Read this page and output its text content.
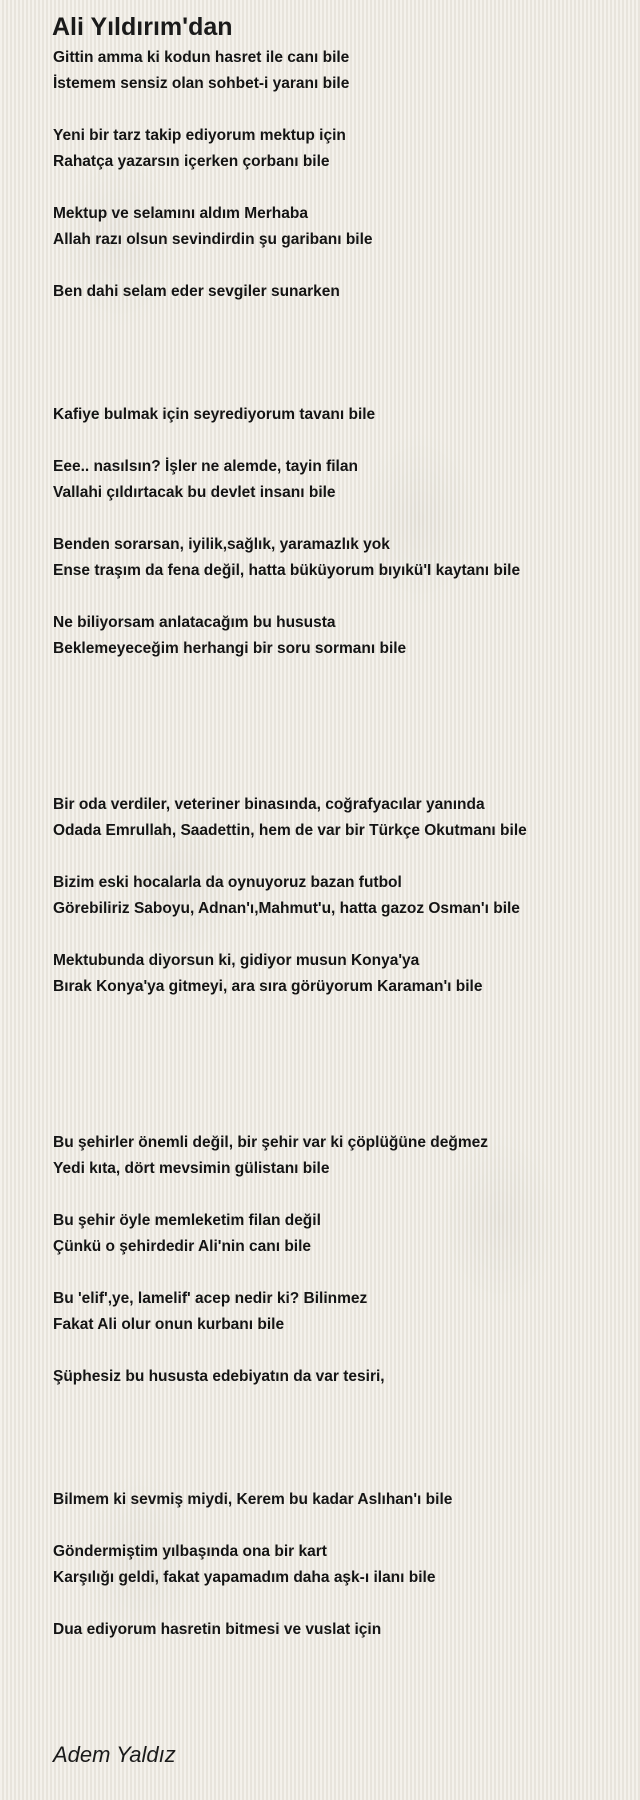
Ali Yıldırım'dan
Gittin amma ki kodun hasret ile canı bile
İstemem sensiz olan sohbet-i yaranı bile
Yeni bir tarz takip ediyorum mektup için
Rahatça yazarsın içerken çorbanı bile
Mektup ve selamını aldım Merhaba
Allah razı olsun sevindirdin şu garibanı bile
Ben dahi selam eder sevgiler sunarken
Kafiye bulmak için seyrediyorum tavanı bile
Eee.. nasılsın? İşler ne alemde, tayin filan
Vallahi çıldırtacak bu devlet insanı bile
Benden sorarsan, iyilik,sağlık, yaramazlık yok
Ense traşım da fena değil, hatta büküyorum bıyıkü'I kaytanı bile
Ne biliyorsam anlatacağım bu hususta
Beklemeyeceğim herhangi bir soru sormanı bile
Bir oda verdiler, veteriner binasında, coğrafyacılar yanında
Odada Emrullah, Saadettin, hem de var bir Türkçe Okutmanı bile
Bizim eski hocalarla da oynuyoruz bazan futbol
Görebiliriz Saboyu, Adnan'ı,Mahmut'u, hatta gazoz Osman'ı bile
Mektubunda diyorsun ki, gidiyor musun Konya'ya
Bırak Konya'ya gitmeyi, ara sıra görüyorum Karaman'ı bile
Bu şehirler önemli değil, bir şehir var ki çöplüğüne değmez
Yedi kıta, dört mevsimin gülistanı bile
Bu şehir öyle memleketim filan değil
Çünkü o şehirdedir Ali'nin canı bile
Bu 'elif',ye, lamelif' acep nedir ki? Bilinmez
Fakat Ali olur onun kurbanı bile
Şüphesiz bu hususta edebiyatın da var tesiri,
Bilmem ki sevmiş miydi, Kerem bu kadar Aslıhan'ı bile
Göndermiştim yılbaşında ona bir kart
Karşılığı geldi, fakat yapamadım daha aşk-ı ilanı bile
Dua ediyorum hasretin bitmesi ve vuslat için
Adem Yaldız
